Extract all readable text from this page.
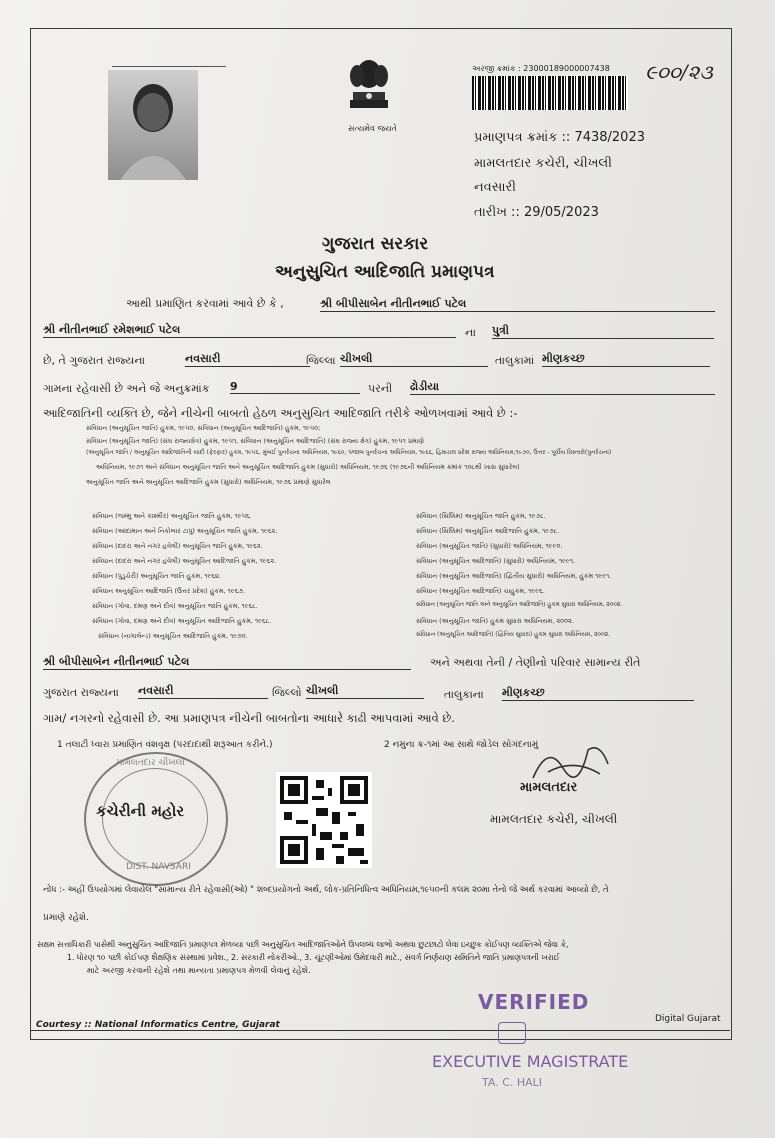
સત્યમેવ જયતે
અરજી ક્રમાંક : 23000189000007438 ૯૦૦/૨૩
પ્રમાણપત્ર ક્રમાંક :: 7438/2023
મામલતદાર કચેરી, ચીખલી
નવસારી
તારીખ :: 29/05/2023
ગુજરાત સરકાર
અનુસુચિત આદિજાતિ પ્રમાણપત્ર
આથી પ્રમાણિત કરવામાં આવે છે કે ,	શ્રી બીપીસાબેન નીતીનભાઈ પટેલ
શ્રી નીતીનભાઈ રમેશભાઈ પટેલ	ના પુત્રી
છે, તે ગુજરાત રાજ્યના	નવસારી	જિલ્લા ચીખલી	તાલુકામાં મીણકચ્છ
ગામના રહેવાસી છે અને જે અનુક્રમાંક 9	પરની ઢોડીયા
આદિજાતિની વ્યક્તિ છે, જેને નીચેની બાબતો હેઠળ અનુસુચિત આદિજાતિ તરીકે ઓળખવામાં આવે છે :-
સંવિધાન (અનુસૂચિત જાતિ) હુકમ, ૧૯૫૦, સંવિધાન (અનુસૂચિત આદિજાતિ) હુકમ, ૧૯૫૦;
સંવિધાન (અનુસૂચિત જાતિ) (સંઘ રાજ્યક્ષેત્ર) હુકમ, ૧૯૫૧, સંવિધાન (અનુસૂચિત આદિજાતિ) (સંઘ રાજ્ય ક્ષેત્ર) હુકમ, ૧૯૫૧ પ્રમાણે
(અનુસૂચિત જાતિ / અનુસૂચિત આદિજાતિની યાદી (ફેરફાર) હુકમ, ૧૯૫૬, મુંબઈ પુનર્રચના અધિનિયમ, ૧૯૬૦, પંજાબ પુનર્રચના અધિનિયમ, ૧૯૬૬, હિમાચલ પ્રદેશ રાજ્ય અધિનિયમ,૧૯૭૦, ઉત્તર - પૂર્વીય વિસ્તારો(પુનર્રચના)
અધિનિયમ, ૧૯૭૧ અને સંવિધાન અનુસૂચિત જાતિ અને અનુસૂચિત આદિજાતિ હુકમ (સુધારો) અધિનિયમ, ૧૯૭૬ (૧૯૭૬ની અધિનિયમ ક્રમાંક ૧૦૮થી ખાસ સુધારેલ)
અનુસૂચિત જાતિ અને અનુસૂચિત આદિજાતિ હુકમ (સુધારો) અધિનિયમ, ૧૯૭૬ પ્રમાણે સુધારેલ
સંવિધાન (જમ્મુ અને કાશ્મીર) અનુસૂચિત જાતિ હુકમ, ૧૯૫૬.
સંવિધાન (આંદામાન અને નિકોબાર ટાપુ) અનુસૂચિત જાતિ હુકમ, ૧૯૬૨.
સંવિધાન (દાદરા અને નગર હવેલી) અનુસૂચિત જાતિ હુકમ, ૧૯૬૨.
સંવિધાન (દાદરા અને નગર હવેલી) અનુસૂચિત આદિજાતિ હુકમ, ૧૯૬૨.
સંવિધાન (પુડુચેરી) અનુસૂચિત જાતિ હુકમ, ૧૯૬૪.
સંવિધાન અનુસૂચિત આદિજાતિ (ઉત્તર પ્રદેશ) હુકમ, ૧૯૬૭.
સંવિધાન (ગોવા, દમણ અને દીવ) અનુસૂચિત જાતિ હુકમ, ૧૯૬૮.
સંવિધાન (ગોવા, દમણ અને દીવ) અનુસૂચિત આદિજાતિ હુકમ, ૧૯૬૮.
સંવિધાન (નાગાલેન્ડ) અનુસૂચિત આદિજાતિ હુકમ, ૧૯૭૦.
સંવિધાન (સિક્કિમ) અનુસૂચિત જાતિ હુકમ, ૧૯૭૮.
સંવિધાન (સિક્કિમ) અનુસૂચિત આદિજાતિ હુકમ, ૧૯૭૮.
સંવિધાન (અનુસૂચિત જાતિ) (સુધારો) અધિનિયમ, ૧૯૯૦.
સંવિધાન (અનુસૂચિત આદિજાતિ) (સુધારો) અધિનિયમ, ૧૯૯૧.
સંવિધાન (અનુસૂચિત આદિજાતિ) (દ્વિતીય સુધારો) અધિનિયમ, હુકમ ૧૯૯૧.
સંવિધાન (અનુસૂચિત આદિજાતિ) ચાહુકમ, ૧૯૯૬.
સંવિધાન (અનુસૂચિત જાતિ અને અનુસૂચિત આદિજાતિ) હુકમ સુધારા અધિનિયમ, ૨૦૦૨.
સંવિધાન (અનુસૂચિત જાતિ) હુકમ સુધારા અધિનિયમ, ૨૦૦૨.
સંવિધાન (અનુસૂચિત આદિજાતિ) (દ્વિતિય સુધારા) હુકમ સુધારા અધિનિયમ, ૨૦૦૨.
શ્રી બીપીસાબેન નીતીનભાઈ પટેલ	અને અથવા તેની / તેણીનો પરિવાર સામાન્ય રીતે
ગુજરાત રાજ્યના નવસારી	જિલ્લો ચીખલી	તાલુકાના મીણકચ્છ
ગામ/ નગરનો રહેવાસી છે. આ પ્રમાણપત્ર નીચેની બાબતોના આધારે કાઢી આપવામાં આવે છે.
1 તલાટી ધ્વારા પ્રમાણિત વંશવૃક્ષ (પરદાદાથી શરૂઆત કરીને.)	2 નમુના ક્ર-૧માં આ સાથે જોડેલ સોગંદનામું
મામલતદાર ચીખલી
DIST. NAVSARI
કચેરીની મહોર
મામલતદાર
મામલતદાર કચેરી, ચીખલી
નોંધ :- અહીં ઉપયોગમાં લેવાયેલ "સામાન્ય રીતે રહેવાસી(ઓ) " શબ્દપ્રયોગનો અર્થ, લોક-પ્રતિનિધિત્વ અધિનિયમ,૧૯૫૦ની કલમ ૨૦મા તેનો જે અર્થ કરવામાં આવ્યો છે, તે
પ્રમાણે રહેશે.
સક્ષમ સત્તાધિકારી પાસેથી અનુસુચિત આદિજાતિ પ્રમાણપત્ર મેળવ્યા પછી અનુસુચિત આદિજાતિઓને ઉપલબ્ધ લાભો અથવા છુટછાટો લેવા ઇચ્છુક કોઈપણ વ્યક્તિએ જેવા કે,
1. ધોરણ ૧૦ પછી કોઈપણ શૈક્ષણિક સંસ્થામાં પ્રવેશ., 2. સરકારી નોકરીઓ., 3. ચૂંટણીઓમાં ઉમેદવારી માટે., સંવર્ગ નિર્ણયણ સમિતિને જાતિ પ્રમાણપત્રની ખરાઈ
માટે અરજી કરવાની રહેશે તથા માન્યતા પ્રમાણપત્ર મેળવી લેવાનું રહેશે.
Courtesy :: National Informatics Centre, Gujarat
Digital Gujarat
VERIFIED
EXECUTIVE MAGISTRATE
TA. C. HALI
